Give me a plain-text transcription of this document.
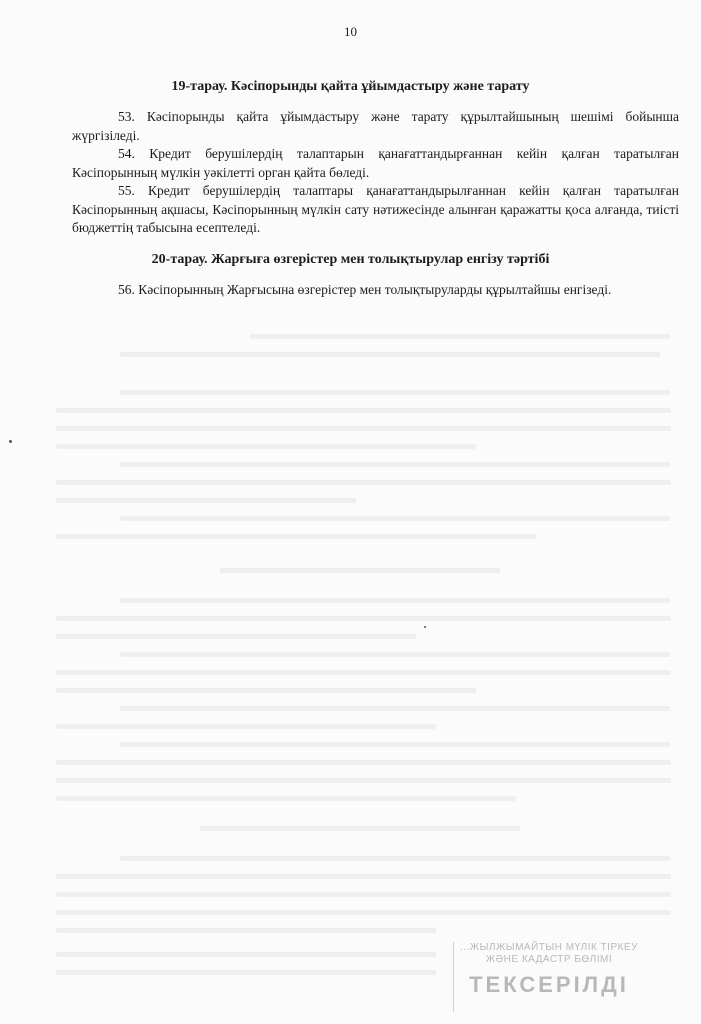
10
19-тарау. Кәсіпорынды қайта ұйымдастыру және тарату
53. Кәсіпорынды қайта ұйымдастыру және тарату құрылтайшының шешімі бойынша жүргізіледі.
54. Кредит берушілердің талаптарын қанағаттандырғаннан кейін қалған таратылған Кәсіпорынның мүлкін уәкілетті орган қайта бөледі.
55. Кредит берушілердің талаптары қанағаттандырылғаннан кейін қалған таратылған Кәсіпорынның ақшасы, Кәсіпорынның мүлкін сату нәтижесінде алынған қаражатты қоса алғанда, тиісті бюджеттің табысына есептеледі.
20-тарау. Жарғыға өзгерістер мен толықтырулар енгізу тәртібі
56. Кәсіпорынның Жарғысына өзгерістер мен толықтыруларды құрылтайшы енгізеді.
...ЖЫЛЖЫМАЙТЫН МҮЛІК ТІРКЕУ
ЖӘНЕ КАДАСТР БӨЛІМІ
ТЕКСЕРІЛДІ
